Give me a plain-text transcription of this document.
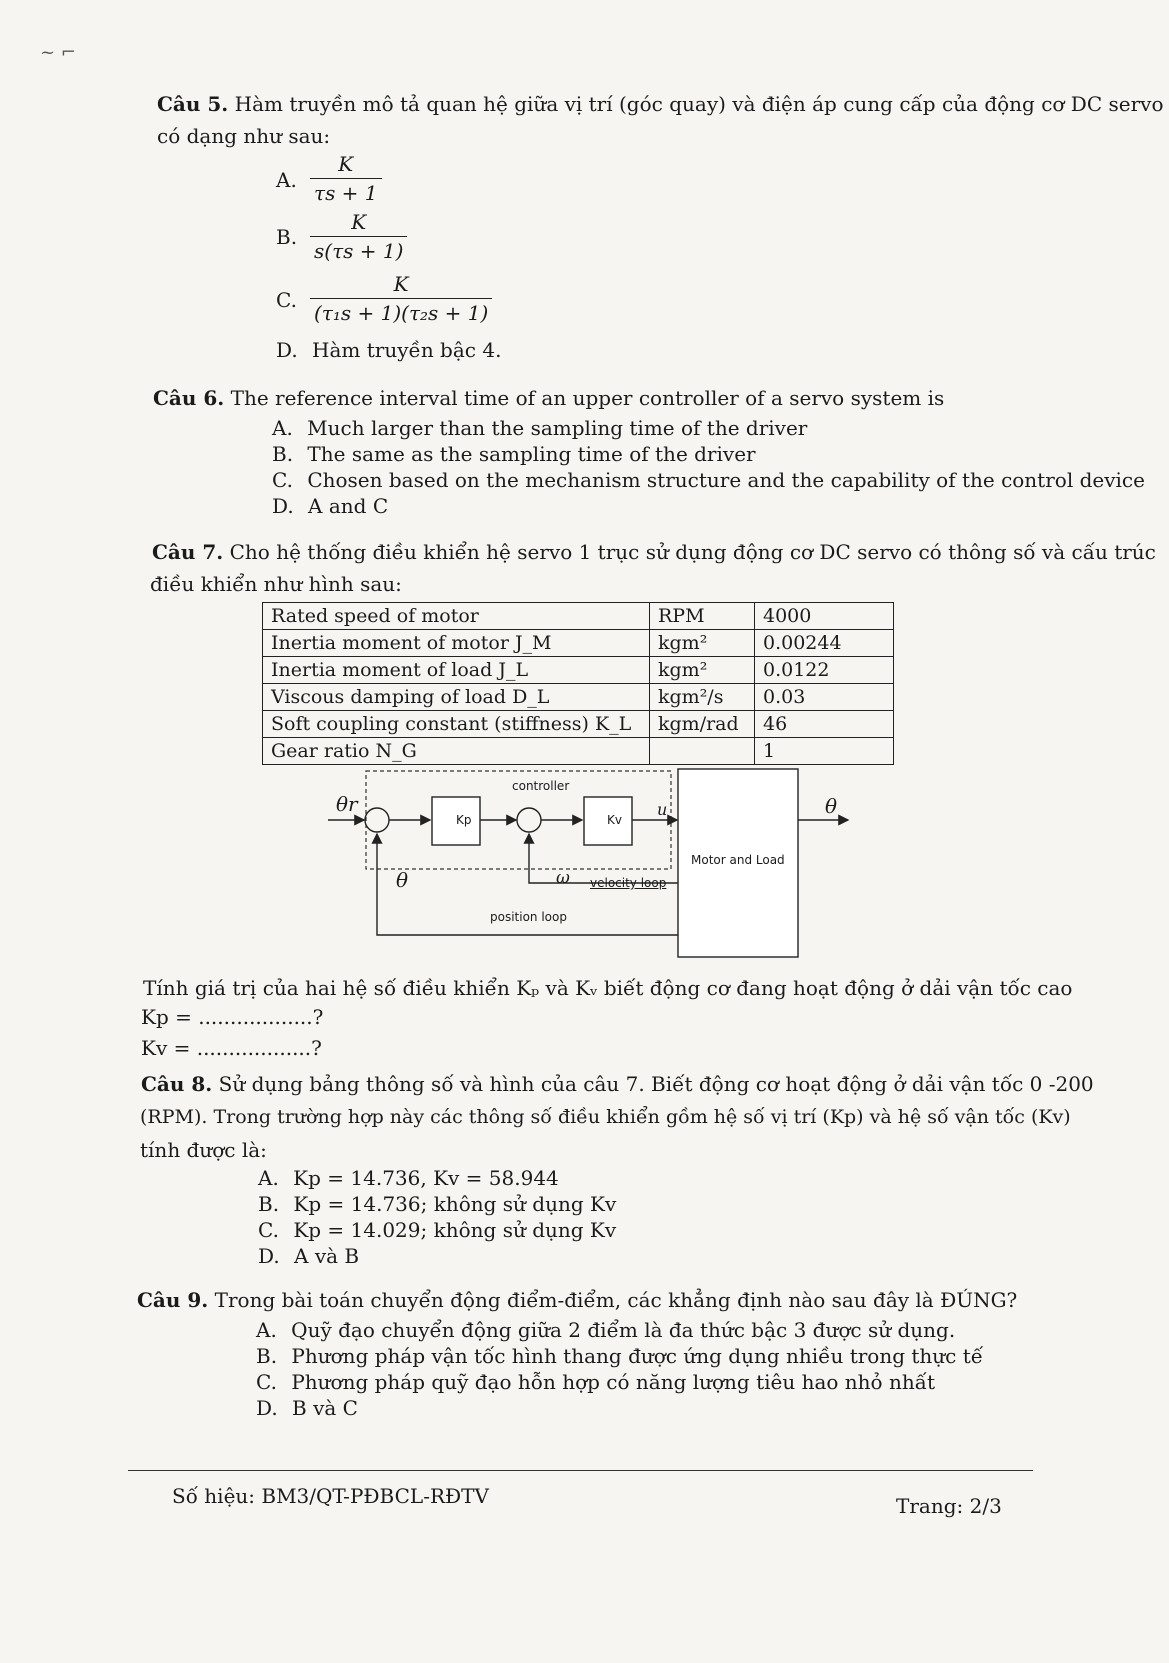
~ ⌐
Câu 5. Hàm truyền mô tả quan hệ giữa vị trí (góc quay) và điện áp cung cấp của động cơ DC servo
có dạng như sau:
A. $\frac{K}{\tau s + 1}$
B. $\frac{K}{s(\tau s + 1)}$
C. $\frac{K}{\text{(τ₁s + 1)(τ₂s + 1)}}$
D. Hàm truyền bậc 4.
Câu 6. The reference interval time of an upper controller of a servo system is
A. Much larger than the sampling time of the driver
B. The same as the sampling time of the driver
C. Chosen based on the mechanism structure and the capability of the control device
D. A and C
Câu 7. Cho hệ thống điều khiển hệ servo 1 trục sử dụng động cơ DC servo có thông số và cấu trúc
điều khiển như hình sau:
Rated speed of motor	RPM	4000
Inertia moment of motor J_M	kgm²	0.00244
Inertia moment of load J_L	kgm²	0.0122
Viscous damping of load D_L	kgm²/s	0.03
Soft coupling constant (stiffness) K_L	kgm/rad	46
Gear ratio N_G		1
θr
controller
Kp	Kv
u
Motor and Load
θ
θ	ω velocity loop
position loop
Tính giá trị của hai hệ số điều khiển Kₚ và Kᵥ biết động cơ đang hoạt động ở dải vận tốc cao
Kp = ..................?
Kv = ..................?
Câu 8. Sử dụng bảng thông số và hình của câu 7. Biết động cơ hoạt động ở dải vận tốc 0 -200
(RPM). Trong trường hợp này các thông số điều khiển gồm hệ số vị trí (Kp) và hệ số vận tốc (Kv)
tính được là:
A. Kp = 14.736, Kv = 58.944
B. Kp = 14.736; không sử dụng Kv
C. Kp = 14.029; không sử dụng Kv
D. A và B
Câu 9. Trong bài toán chuyển động điểm-điểm, các khẳng định nào sau đây là ĐÚNG?
A. Quỹ đạo chuyển động giữa 2 điểm là đa thức bậc 3 được sử dụng.
B. Phương pháp vận tốc hình thang được ứng dụng nhiều trong thực tế
C. Phương pháp quỹ đạo hỗn hợp có năng lượng tiêu hao nhỏ nhất
D. B và C
Số hiệu: BM3/QT-PĐBCL-RĐTV	Trang: 2/3
